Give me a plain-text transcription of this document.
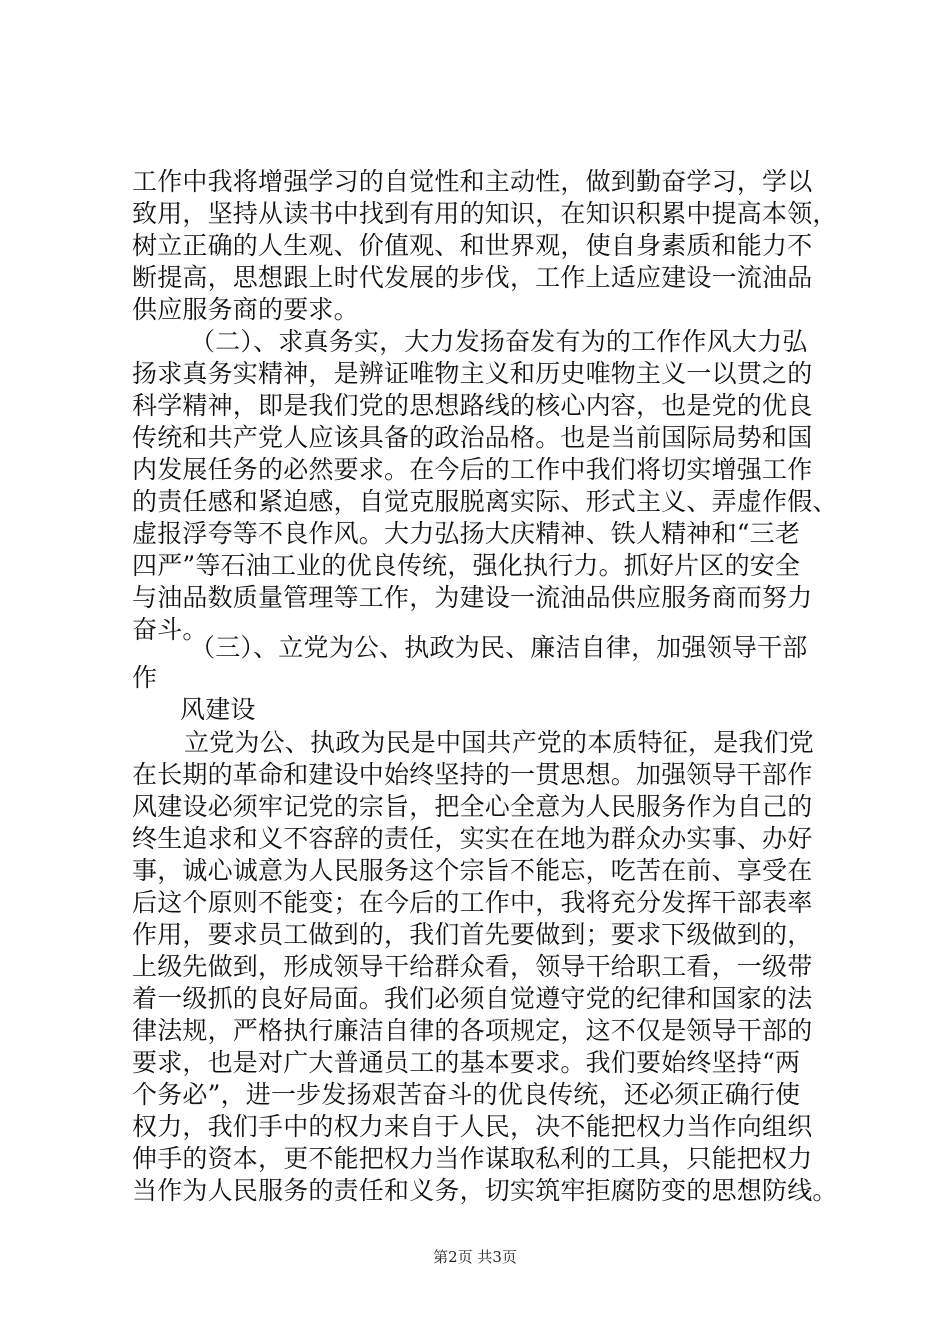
工作中我将增强学习的自觉性和主动性，做到勤奋学习，学以
致用，坚持从读书中找到有用的知识，在知识积累中提高本领，
树立正确的人生观、价值观、和世界观，使自身素质和能力不
断提高，思想跟上时代发展的步伐，工作上适应建设一流油品
供应服务商的要求。
（二）、求真务实，大力发扬奋发有为的工作作风大力弘
扬求真务实精神，是辨证唯物主义和历史唯物主义一以贯之的
科学精神，即是我们党的思想路线的核心内容，也是党的优良
传统和共产党人应该具备的政治品格。也是当前国际局势和国
内发展任务的必然要求。在今后的工作中我们将切实增强工作
的责任感和紧迫感，自觉克服脱离实际、形式主义、弄虚作假、
虚报浮夸等不良作风。大力弘扬大庆精神、铁人精神和“三老
四严”等石油工业的优良传统，强化执行力。抓好片区的安全
与油品数质量管理等工作，为建设一流油品供应服务商而努力
奋斗。
（三）、立党为公、执政为民、廉洁自律，加强领导干部
作
风建设
立党为公、执政为民是中国共产党的本质特征，是我们党
在长期的革命和建设中始终坚持的一贯思想。加强领导干部作
风建设必须牢记党的宗旨，把全心全意为人民服务作为自己的
终生追求和义不容辞的责任，实实在在地为群众办实事、办好
事，诚心诚意为人民服务这个宗旨不能忘，吃苦在前、享受在
后这个原则不能变；在今后的工作中，我将充分发挥干部表率
作用，要求员工做到的，我们首先要做到；要求下级做到的，
上级先做到，形成领导干给群众看，领导干给职工看，一级带
着一级抓的良好局面。我们必须自觉遵守党的纪律和国家的法
律法规，严格执行廉洁自律的各项规定，这不仅是领导干部的
要求，也是对广大普通员工的基本要求。我们要始终坚持“两
个务必”，进一步发扬艰苦奋斗的优良传统，还必须正确行使
权力，我们手中的权力来自于人民，决不能把权力当作向组织
伸手的资本，更不能把权力当作谋取私利的工具，只能把权力
当作为人民服务的责任和义务，切实筑牢拒腐防变的思想防线。
第2页 共3页
